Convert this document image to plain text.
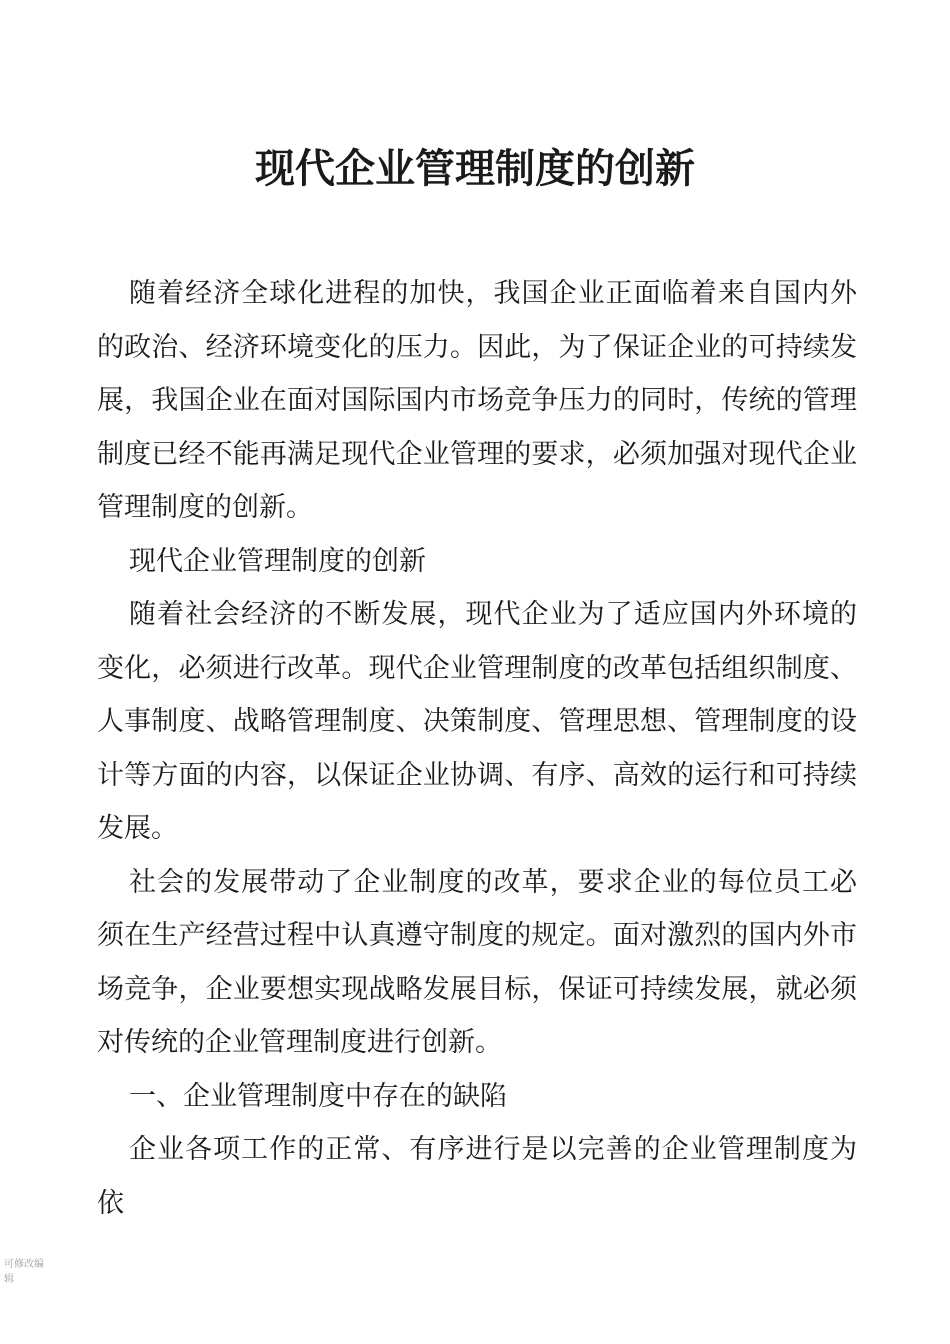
现代企业管理制度的创新

随着经济全球化进程的加快，我国企业正面临着来自国内外的政治、经济环境变化的压力。因此，为了保证企业的可持续发展，我国企业在面对国际国内市场竞争压力的同时，传统的管理制度已经不能再满足现代企业管理的要求，必须加强对现代企业管理制度的创新。

现代企业管理制度的创新

随着社会经济的不断发展，现代企业为了适应国内外环境的变化，必须进行改革。现代企业管理制度的改革包括组织制度、人事制度、战略管理制度、决策制度、管理思想、管理制度的设计等方面的内容，以保证企业协调、有序、高效的运行和可持续发展。

社会的发展带动了企业制度的改革，要求企业的每位员工必须在生产经营过程中认真遵守制度的规定。面对激烈的国内外市场竞争，企业要想实现战略发展目标，保证可持续发展，就必须对传统的企业管理制度进行创新。

一、企业管理制度中存在的缺陷

企业各项工作的正常、有序进行是以完善的企业管理制度为依

可修改编辑
